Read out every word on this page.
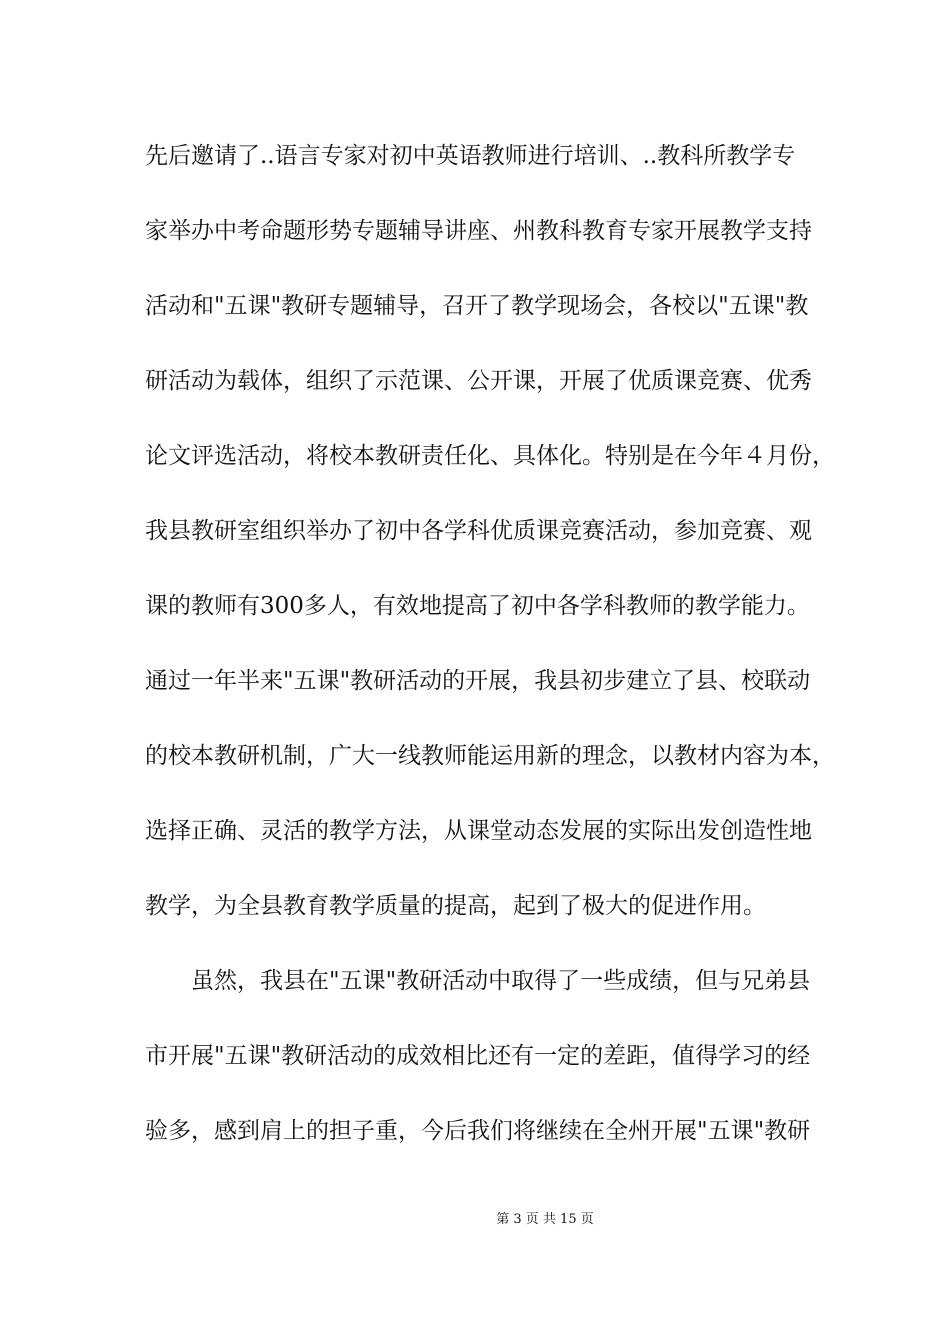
先后邀请了..语言专家对初中英语教师进行培训、..教科所教学专
家举办中考命题形势专题辅导讲座、州教科教育专家开展教学支持
活动和"五课"教研专题辅导，召开了教学现场会，各校以"五课"教
研活动为载体，组织了示范课、公开课，开展了优质课竞赛、优秀
论文评选活动，将校本教研责任化、具体化。特别是在今年４月份，
我县教研室组织举办了初中各学科优质课竞赛活动，参加竞赛、观
课的教师有300多人，有效地提高了初中各学科教师的教学能力。
通过一年半来"五课"教研活动的开展，我县初步建立了县、校联动
的校本教研机制，广大一线教师能运用新的理念，以教材内容为本，
选择正确、灵活的教学方法，从课堂动态发展的实际出发创造性地
教学，为全县教育教学质量的提高，起到了极大的促进作用。
虽然，我县在"五课"教研活动中取得了一些成绩，但与兄弟县
市开展"五课"教研活动的成效相比还有一定的差距，值得学习的经
验多，感到肩上的担子重，今后我们将继续在全州开展"五课"教研
第 3 页 共 15 页
